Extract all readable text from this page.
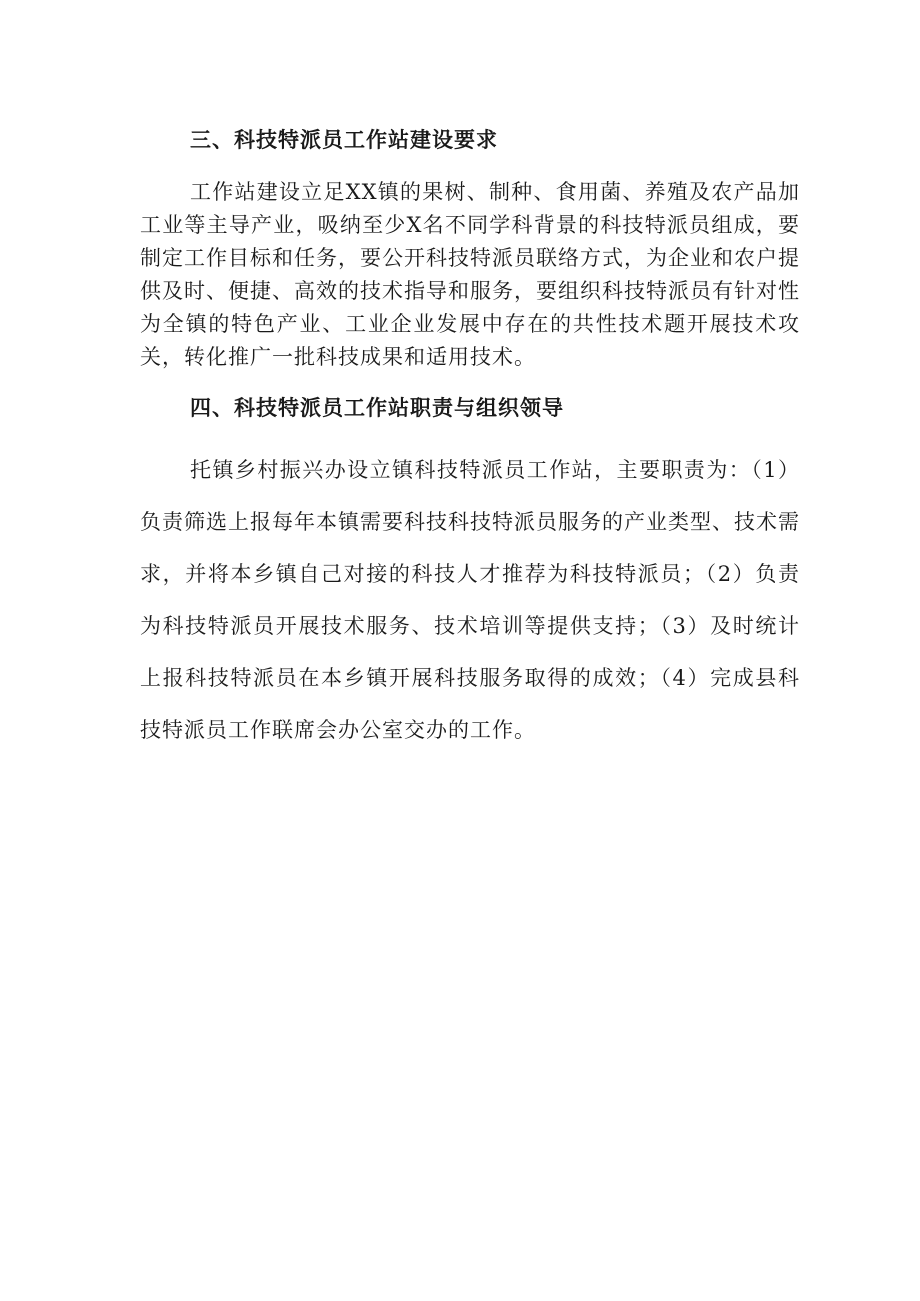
三、科技特派员工作站建设要求

工作站建设立足XX镇的果树、制种、食用菌、养殖及农产品加工业等主导产业，吸纳至少X名不同学科背景的科技特派员组成，要制定工作目标和任务，要公开科技特派员联络方式，为企业和农户提供及时、便捷、高效的技术指导和服务，要组织科技特派员有针对性为全镇的特色产业、工业企业发展中存在的共性技术题开展技术攻关，转化推广一批科技成果和适用技术。

四、科技特派员工作站职责与组织领导

托镇乡村振兴办设立镇科技特派员工作站，主要职责为：（1）负责筛选上报每年本镇需要科技科技特派员服务的产业类型、技术需求，并将本乡镇自己对接的科技人才推荐为科技特派员；（2）负责为科技特派员开展技术服务、技术培训等提供支持；（3）及时统计上报科技特派员在本乡镇开展科技服务取得的成效；（4）完成县科技特派员工作联席会办公室交办的工作。
